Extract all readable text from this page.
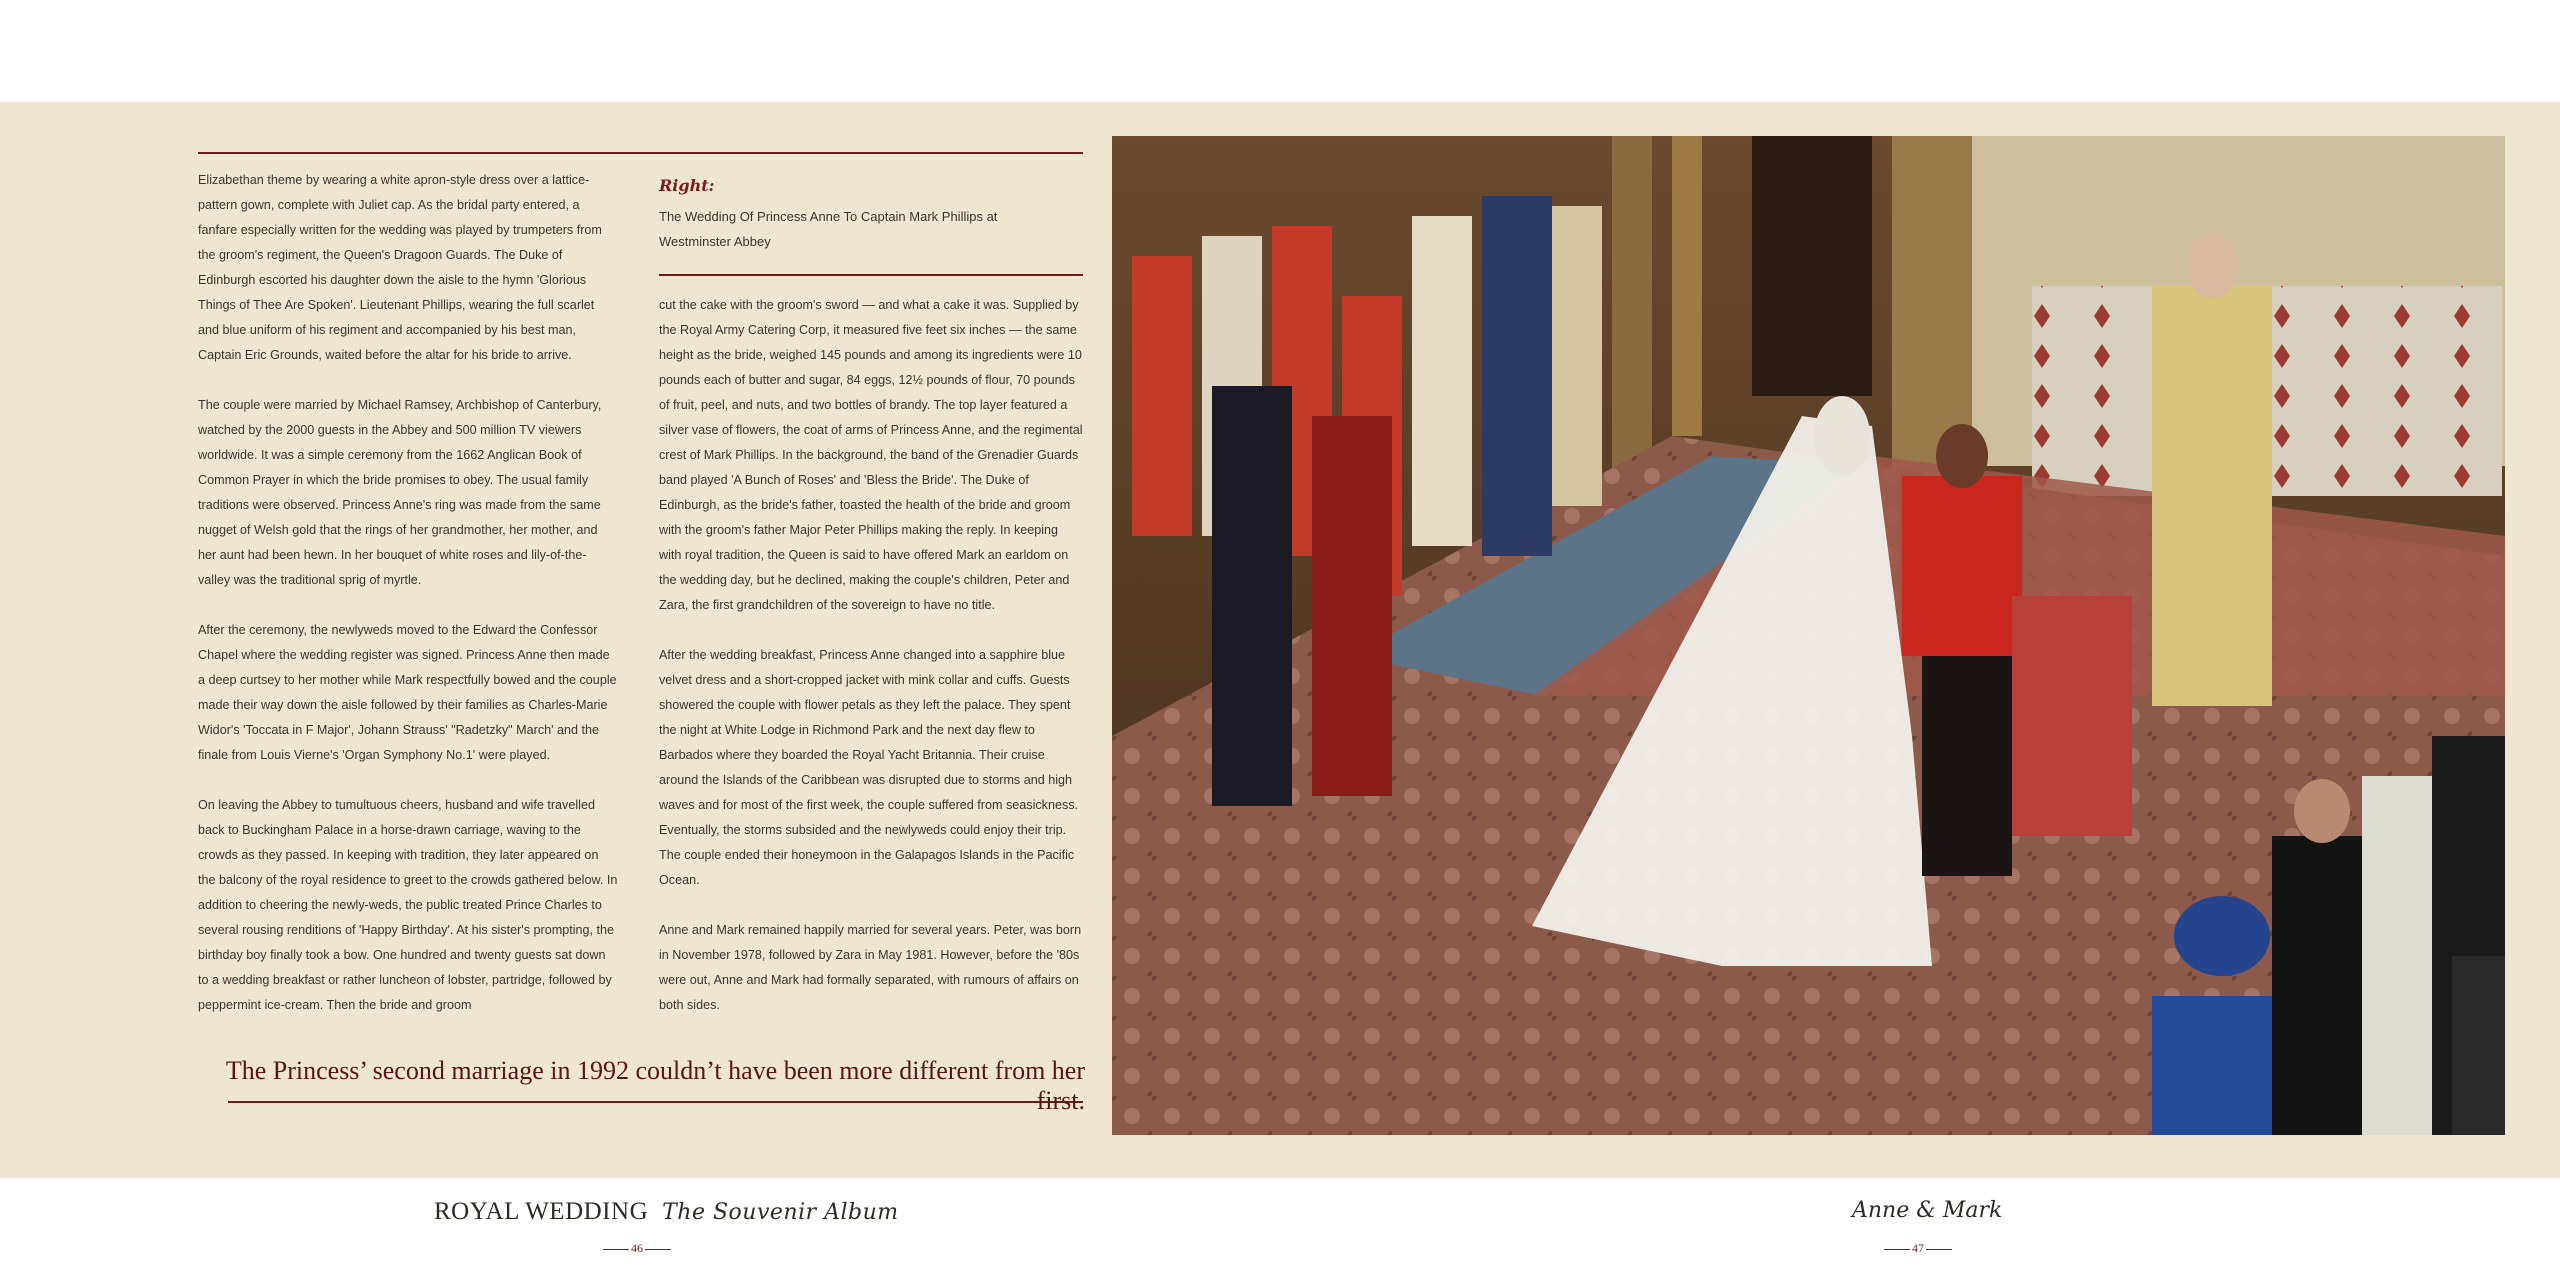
Elizabethan theme by wearing a white apron-style dress over a lattice-pattern gown, complete with Juliet cap. As the bridal party entered, a fanfare especially written for the wedding was played by trumpeters from the groom's regiment, the Queen's Dragoon Guards. The Duke of Edinburgh escorted his daughter down the aisle to the hymn 'Glorious Things of Thee Are Spoken'. Lieutenant Phillips, wearing the full scarlet and blue uniform of his regiment and accompanied by his best man, Captain Eric Grounds, waited before the altar for his bride to arrive.

The couple were married by Michael Ramsey, Archbishop of Canterbury, watched by the 2000 guests in the Abbey and 500 million TV viewers worldwide. It was a simple ceremony from the 1662 Anglican Book of Common Prayer in which the bride promises to obey. The usual family traditions were observed. Princess Anne's ring was made from the same nugget of Welsh gold that the rings of her grandmother, her mother, and her aunt had been hewn. In her bouquet of white roses and lily-of-the-valley was the traditional sprig of myrtle.

After the ceremony, the newlyweds moved to the Edward the Confessor Chapel where the wedding register was signed. Princess Anne then made a deep curtsey to her mother while Mark respectfully bowed and the couple made their way down the aisle followed by their families as Charles-Marie Widor's 'Toccata in F Major', Johann Strauss' "Radetzky" March' and the finale from Louis Vierne's 'Organ Symphony No.1' were played.

On leaving the Abbey to tumultuous cheers, husband and wife travelled back to Buckingham Palace in a horse-drawn carriage, waving to the crowds as they passed. In keeping with tradition, they later appeared on the balcony of the royal residence to greet to the crowds gathered below. In addition to cheering the newly-weds, the public treated Prince Charles to several rousing renditions of 'Happy Birthday'. At his sister's prompting, the birthday boy finally took a bow. One hundred and twenty guests sat down to a wedding breakfast or rather luncheon of lobster, partridge, followed by peppermint ice-cream. Then the bride and groom

Right:
The Wedding Of Princess Anne To Captain Mark Phillips at Westminster Abbey

cut the cake with the groom's sword — and what a cake it was. Supplied by the Royal Army Catering Corp, it measured five feet six inches — the same height as the bride, weighed 145 pounds and among its ingredients were 10 pounds each of butter and sugar, 84 eggs, 12½ pounds of flour, 70 pounds of fruit, peel, and nuts, and two bottles of brandy. The top layer featured a silver vase of flowers, the coat of arms of Princess Anne, and the regimental crest of Mark Phillips. In the background, the band of the Grenadier Guards band played 'A Bunch of Roses' and 'Bless the Bride'. The Duke of Edinburgh, as the bride's father, toasted the health of the bride and groom with the groom's father Major Peter Phillips making the reply. In keeping with royal tradition, the Queen is said to have offered Mark an earldom on the wedding day, but he declined, making the couple's children, Peter and Zara, the first grandchildren of the sovereign to have no title.

After the wedding breakfast, Princess Anne changed into a sapphire blue velvet dress and a short-cropped jacket with mink collar and cuffs. Guests showered the couple with flower petals as they left the palace. They spent the night at White Lodge in Richmond Park and the next day flew to Barbados where they boarded the Royal Yacht Britannia. Their cruise around the Islands of the Caribbean was disrupted due to storms and high waves and for most of the first week, the couple suffered from seasickness. Eventually, the storms subsided and the newlyweds could enjoy their trip. The couple ended their honeymoon in the Galapagos Islands in the Pacific Ocean.

Anne and Mark remained happily married for several years. Peter, was born in November 1978, followed by Zara in May 1981. However, before the '80s were out, Anne and Mark had formally separated, with rumours of affairs on both sides.

The Princess’ second marriage in 1992 couldn’t have been more different from her first.
ROYAL WEDDING The Souvenir Album
46
Anne & Mark
47
